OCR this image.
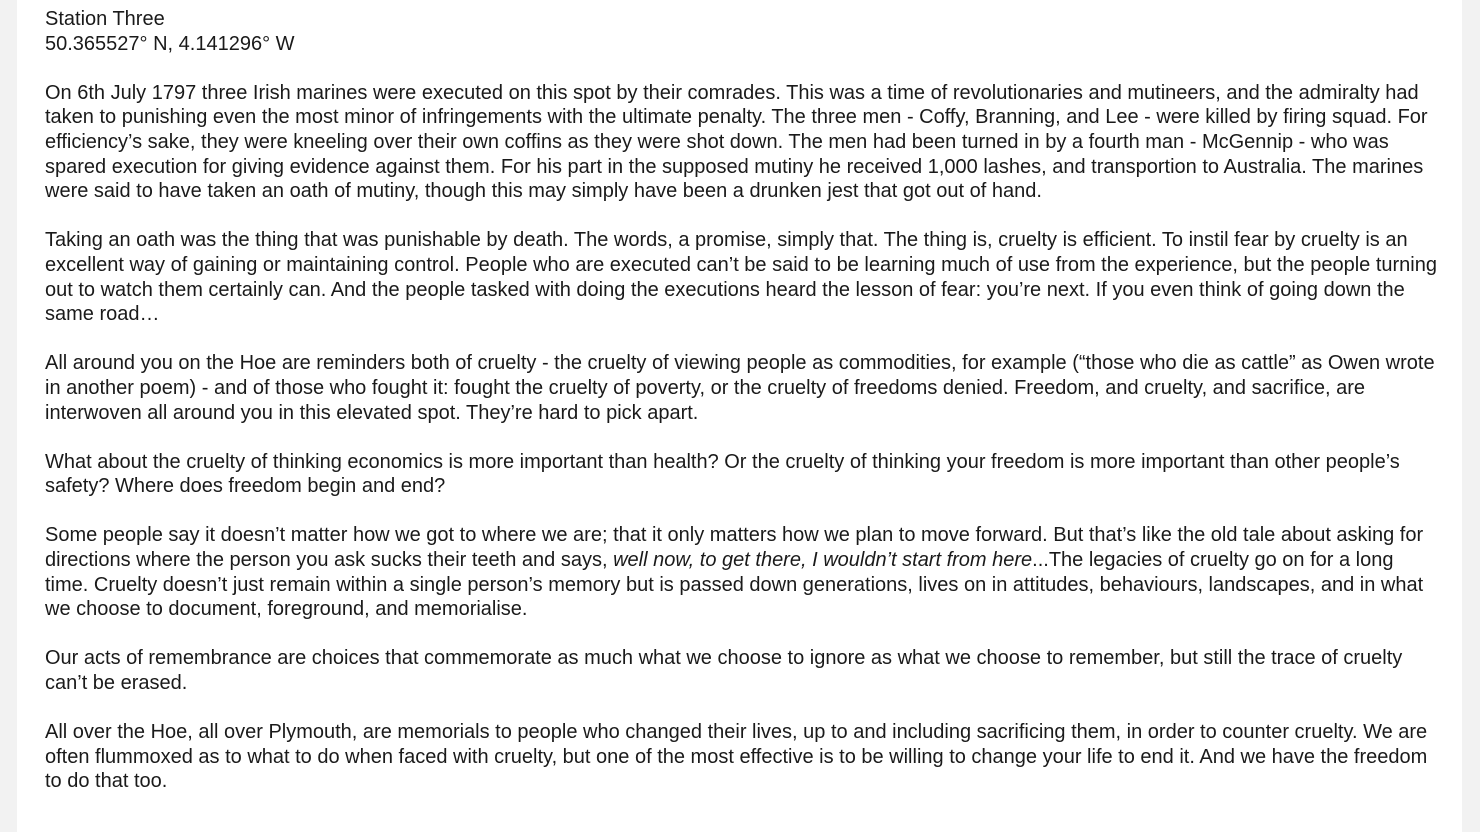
Station Three

50.365527° N, 4.141296° W

On 6th July 1797 three Irish marines were executed on this spot by their comrades. This was a time of revolutionaries and mutineers, and the admiralty had taken to punishing even the most minor of infringements with the ultimate penalty. The three men - Coffy, Branning, and Lee - were killed by firing squad. For efficiency’s sake, they were kneeling over their own coffins as they were shot down. The men had been turned in by a fourth man - McGennip - who was spared execution for giving evidence against them. For his part in the supposed mutiny he received 1,000 lashes, and transportion to Australia. The marines were said to have taken an oath of mutiny, though this may simply have been a drunken jest that got out of hand.

Taking an oath was the thing that was punishable by death. The words, a promise, simply that. The thing is, cruelty is efficient. To instil fear by cruelty is an excellent way of gaining or maintaining control. People who are executed can’t be said to be learning much of use from the experience, but the people turning out to watch them certainly can. And the people tasked with doing the executions heard the lesson of fear: you’re next. If you even think of going down the same road…

All around you on the Hoe are reminders both of cruelty - the cruelty of viewing people as commodities, for example (“those who die as cattle” as Owen wrote in another poem) - and of those who fought it: fought the cruelty of poverty, or the cruelty of freedoms denied. Freedom, and cruelty, and sacrifice, are interwoven all around you in this elevated spot. They’re hard to pick apart.

What about the cruelty of thinking economics is more important than health? Or the cruelty of thinking your freedom is more important than other people’s safety? Where does freedom begin and end?

Some people say it doesn’t matter how we got to where we are; that it only matters how we plan to move forward. But that’s like the old tale about asking for directions where the person you ask sucks their teeth and says, well now, to get there, I wouldn’t start from here...The legacies of cruelty go on for a long time. Cruelty doesn’t just remain within a single person’s memory but is passed down generations, lives on in attitudes, behaviours, landscapes, and in what we choose to document, foreground, and memorialise.

Our acts of remembrance are choices that commemorate as much what we choose to ignore as what we choose to remember, but still the trace of cruelty can’t be erased.

All over the Hoe, all over Plymouth, are memorials to people who changed their lives, up to and including sacrificing them, in order to counter cruelty. We are often flummoxed as to what to do when faced with cruelty, but one of the most effective is to be willing to change your life to end it. And we have the freedom to do that too.
